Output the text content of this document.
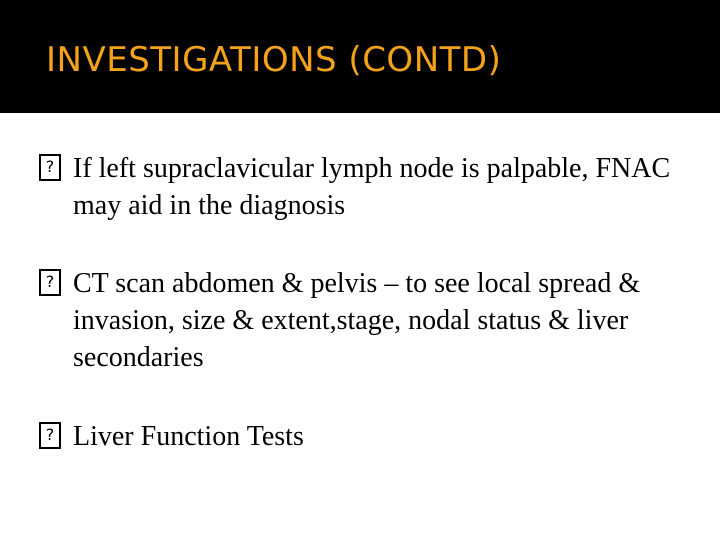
INVESTIGATIONS (CONTD)
?
If left supraclavicular lymph node is palpable, FNAC may aid in the diagnosis
?
CT scan abdomen & pelvis – to see local spread & invasion, size & extent,stage, nodal status & liver secondaries
?
Liver Function Tests
